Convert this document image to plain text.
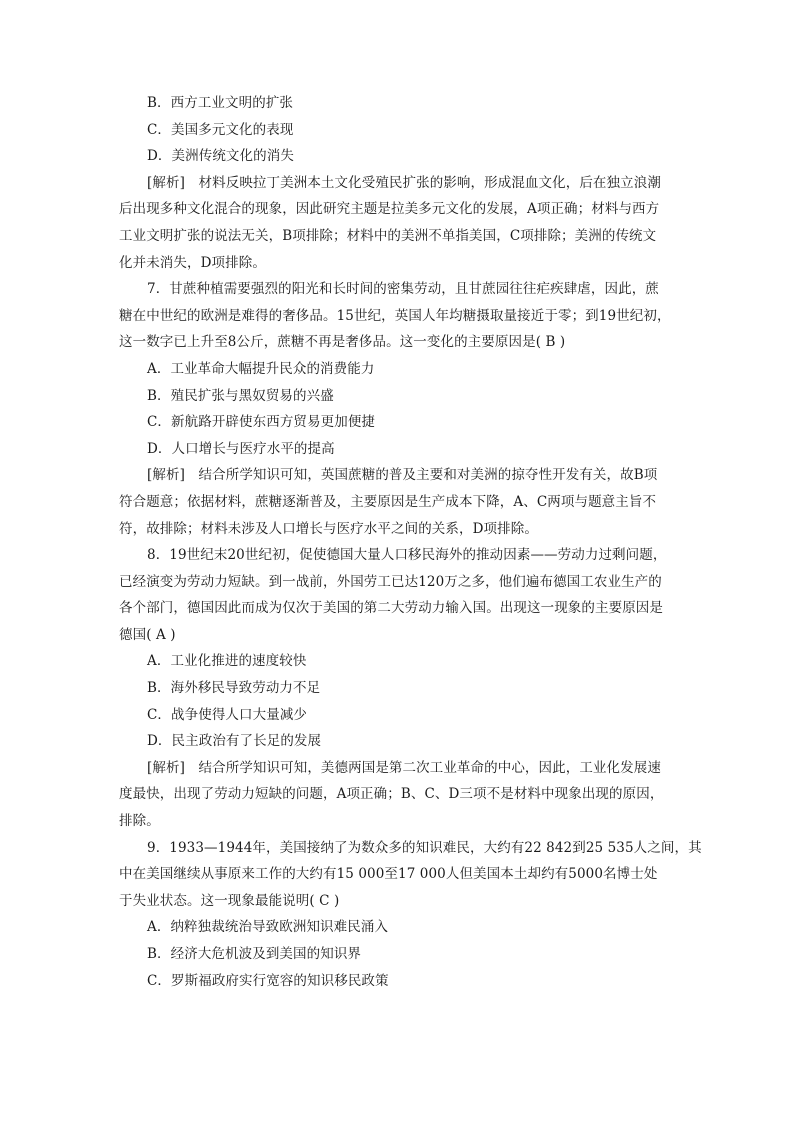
B．西方工业文明的扩张
C．美国多元文化的表现
D．美洲传统文化的消失
[解析]　材料反映拉丁美洲本土文化受殖民扩张的影响，形成混血文化，后在独立浪潮
后出现多种文化混合的现象，因此研究主题是拉美多元文化的发展，A项正确；材料与西方
工业文明扩张的说法无关，B项排除；材料中的美洲不单指美国，C项排除；美洲的传统文
化并未消失，D项排除。
7．甘蔗种植需要强烈的阳光和长时间的密集劳动，且甘蔗园往往疟疾肆虐，因此，蔗
糖在中世纪的欧洲是难得的奢侈品。15世纪，英国人年均糖摄取量接近于零；到19世纪初，
这一数字已上升至8公斤，蔗糖不再是奢侈品。这一变化的主要原因是( B )
A．工业革命大幅提升民众的消费能力
B．殖民扩张与黑奴贸易的兴盛
C．新航路开辟使东西方贸易更加便捷
D．人口增长与医疗水平的提高
[解析]　结合所学知识可知，英国蔗糖的普及主要和对美洲的掠夺性开发有关，故B项
符合题意；依据材料，蔗糖逐渐普及，主要原因是生产成本下降，A、C两项与题意主旨不
符，故排除；材料未涉及人口增长与医疗水平之间的关系，D项排除。
8．19世纪末20世纪初，促使德国大量人口移民海外的推动因素——劳动力过剩问题，
已经演变为劳动力短缺。到一战前，外国劳工已达120万之多，他们遍布德国工农业生产的
各个部门，德国因此而成为仅次于美国的第二大劳动力输入国。出现这一现象的主要原因是
德国( A )
A．工业化推进的速度较快
B．海外移民导致劳动力不足
C．战争使得人口大量减少
D．民主政治有了长足的发展
[解析]　结合所学知识可知，美德两国是第二次工业革命的中心，因此，工业化发展速
度最快，出现了劳动力短缺的问题，A项正确；B、C、D三项不是材料中现象出现的原因，
排除。
9．1933—1944年，美国接纳了为数众多的知识难民，大约有22 842到25 535人之间，其
中在美国继续从事原来工作的大约有15 000至17 000人但美国本土却约有5000名博士处
于失业状态。这一现象最能说明( C )
A．纳粹独裁统治导致欧洲知识难民涌入
B．经济大危机波及到美国的知识界
C．罗斯福政府实行宽容的知识移民政策
